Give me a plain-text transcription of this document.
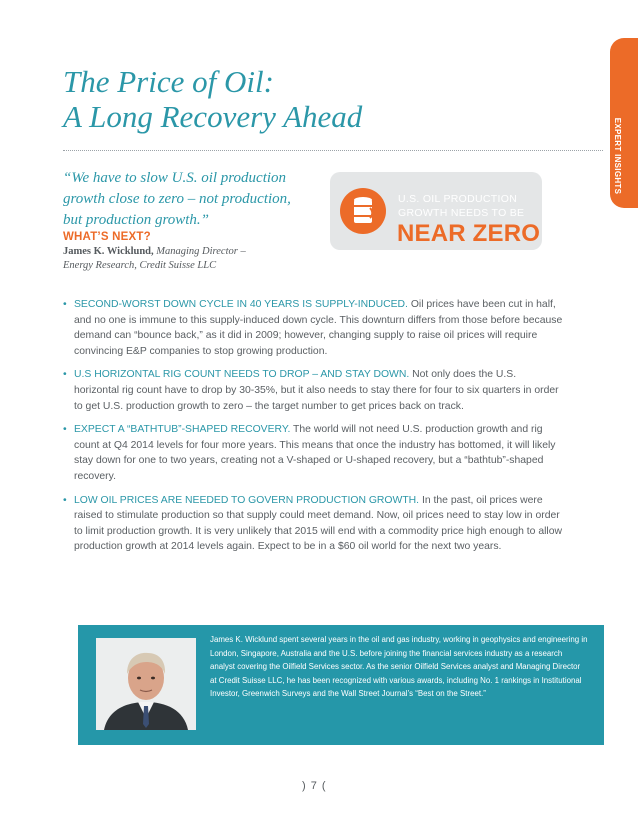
EXPERT INSIGHTS
The Price of Oil:
A Long Recovery Ahead

“We have to slow U.S. oil production
growth close to zero – not production,
but production growth.”

U.S. OIL PRODUCTION
GROWTH NEEDS TO BE
NEAR ZERO
WHAT’S NEXT?
James K. Wicklund, Managing Director –
Energy Research, Credit Suisse LLC
• SECOND-WORST DOWN CYCLE IN 40 YEARS IS SUPPLY-INDUCED. Oil prices have been cut in half, and no one is immune to this supply-induced down cycle. This downturn differs from those before because demand can “bounce back,” as it did in 2009; however, changing supply to raise oil prices will require convincing E&P companies to stop growing production.
• U.S HORIZONTAL RIG COUNT NEEDS TO DROP – AND STAY DOWN. Not only does the U.S. horizontal rig count have to drop by 30-35%, but it also needs to stay there for four to six quarters in order to get U.S. production growth to zero – the target number to get prices back on track.
• EXPECT A “BATHTUB”-SHAPED RECOVERY. The world will not need U.S. production growth and rig count at Q4 2014 levels for four more years. This means that once the industry has bottomed, it will likely stay down for one to two years, creating not a V-shaped or U-shaped recovery, but a “bathtub”-shaped recovery.
• LOW OIL PRICES ARE NEEDED TO GOVERN PRODUCTION GROWTH. In the past, oil prices were raised to stimulate production so that supply could meet demand. Now, oil prices need to stay low in order to limit production growth. It is very unlikely that 2015 will end with a commodity price high enough to allow production growth at 2014 levels again. Expect to be in a $60 oil world for the next two years.

James K. Wicklund spent several years in the oil and gas industry, working in geophysics and engineering in London, Singapore, Australia and the U.S. before joining the financial services industry as a research analyst covering the Oilfield Services sector. As the senior Oilfield Services analyst and Managing Director at Credit Suisse LLC, he has been recognized with various awards, including No. 1 rankings in Institutional Investor, Greenwich Surveys and the Wall Street Journal’s “Best on the Street.”

) 7 (
